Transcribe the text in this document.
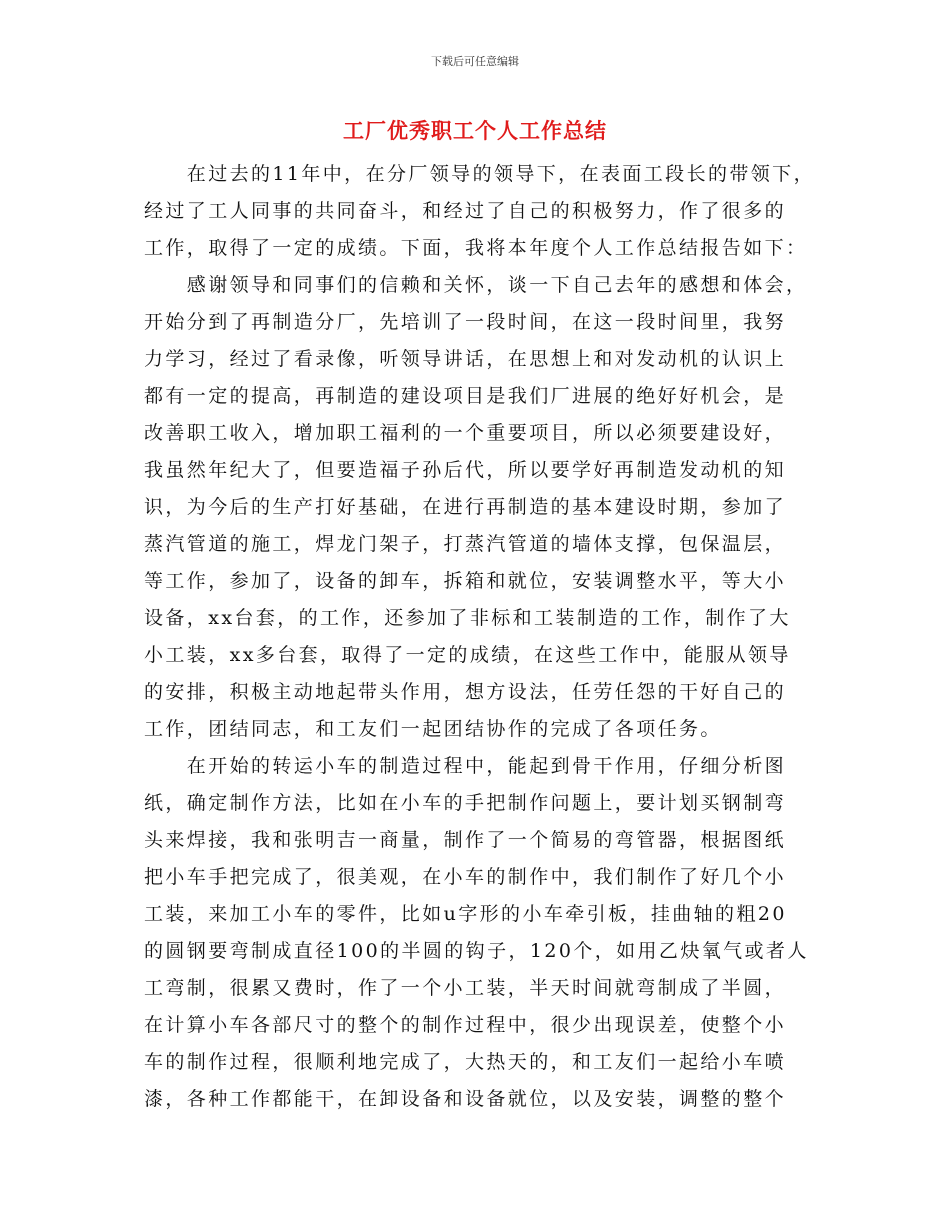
下载后可任意编辑
工厂优秀职工个人工作总结
　　在过去的11年中，在分厂领导的领导下，在表面工段长的带领下，
经过了工人同事的共同奋斗，和经过了自己的积极努力，作了很多的
工作，取得了一定的成绩。下面，我将本年度个人工作总结报告如下：
　　感谢领导和同事们的信赖和关怀，谈一下自己去年的感想和体会，
开始分到了再制造分厂，先培训了一段时间，在这一段时间里，我努
力学习，经过了看录像，听领导讲话，在思想上和对发动机的认识上
都有一定的提高，再制造的建设项目是我们厂进展的绝好好机会，是
改善职工收入，增加职工福利的一个重要项目，所以必须要建设好，
我虽然年纪大了，但要造福子孙后代，所以要学好再制造发动机的知
识，为今后的生产打好基础，在进行再制造的基本建设时期，参加了
蒸汽管道的施工，焊龙门架子，打蒸汽管道的墙体支撑，包保温层，
等工作，参加了，设备的卸车，拆箱和就位，安装调整水平，等大小
设备，xx台套，的工作，还参加了非标和工装制造的工作，制作了大
小工装，xx多台套，取得了一定的成绩，在这些工作中，能服从领导
的安排，积极主动地起带头作用，想方设法，任劳任怨的干好自己的
工作，团结同志，和工友们一起团结协作的完成了各项任务。
　　在开始的转运小车的制造过程中，能起到骨干作用，仔细分析图
纸，确定制作方法，比如在小车的手把制作问题上，要计划买钢制弯
头来焊接，我和张明吉一商量，制作了一个简易的弯管器，根据图纸
把小车手把完成了，很美观，在小车的制作中，我们制作了好几个小
工装，来加工小车的零件，比如u字形的小车牵引板，挂曲轴的粗20
的圆钢要弯制成直径100的半圆的钩子，120个，如用乙炔氧气或者人
工弯制，很累又费时，作了一个小工装，半天时间就弯制成了半圆，
在计算小车各部尺寸的整个的制作过程中，很少出现误差，使整个小
车的制作过程，很顺利地完成了，大热天的，和工友们一起给小车喷
漆，各种工作都能干，在卸设备和设备就位，以及安装，调整的整个
